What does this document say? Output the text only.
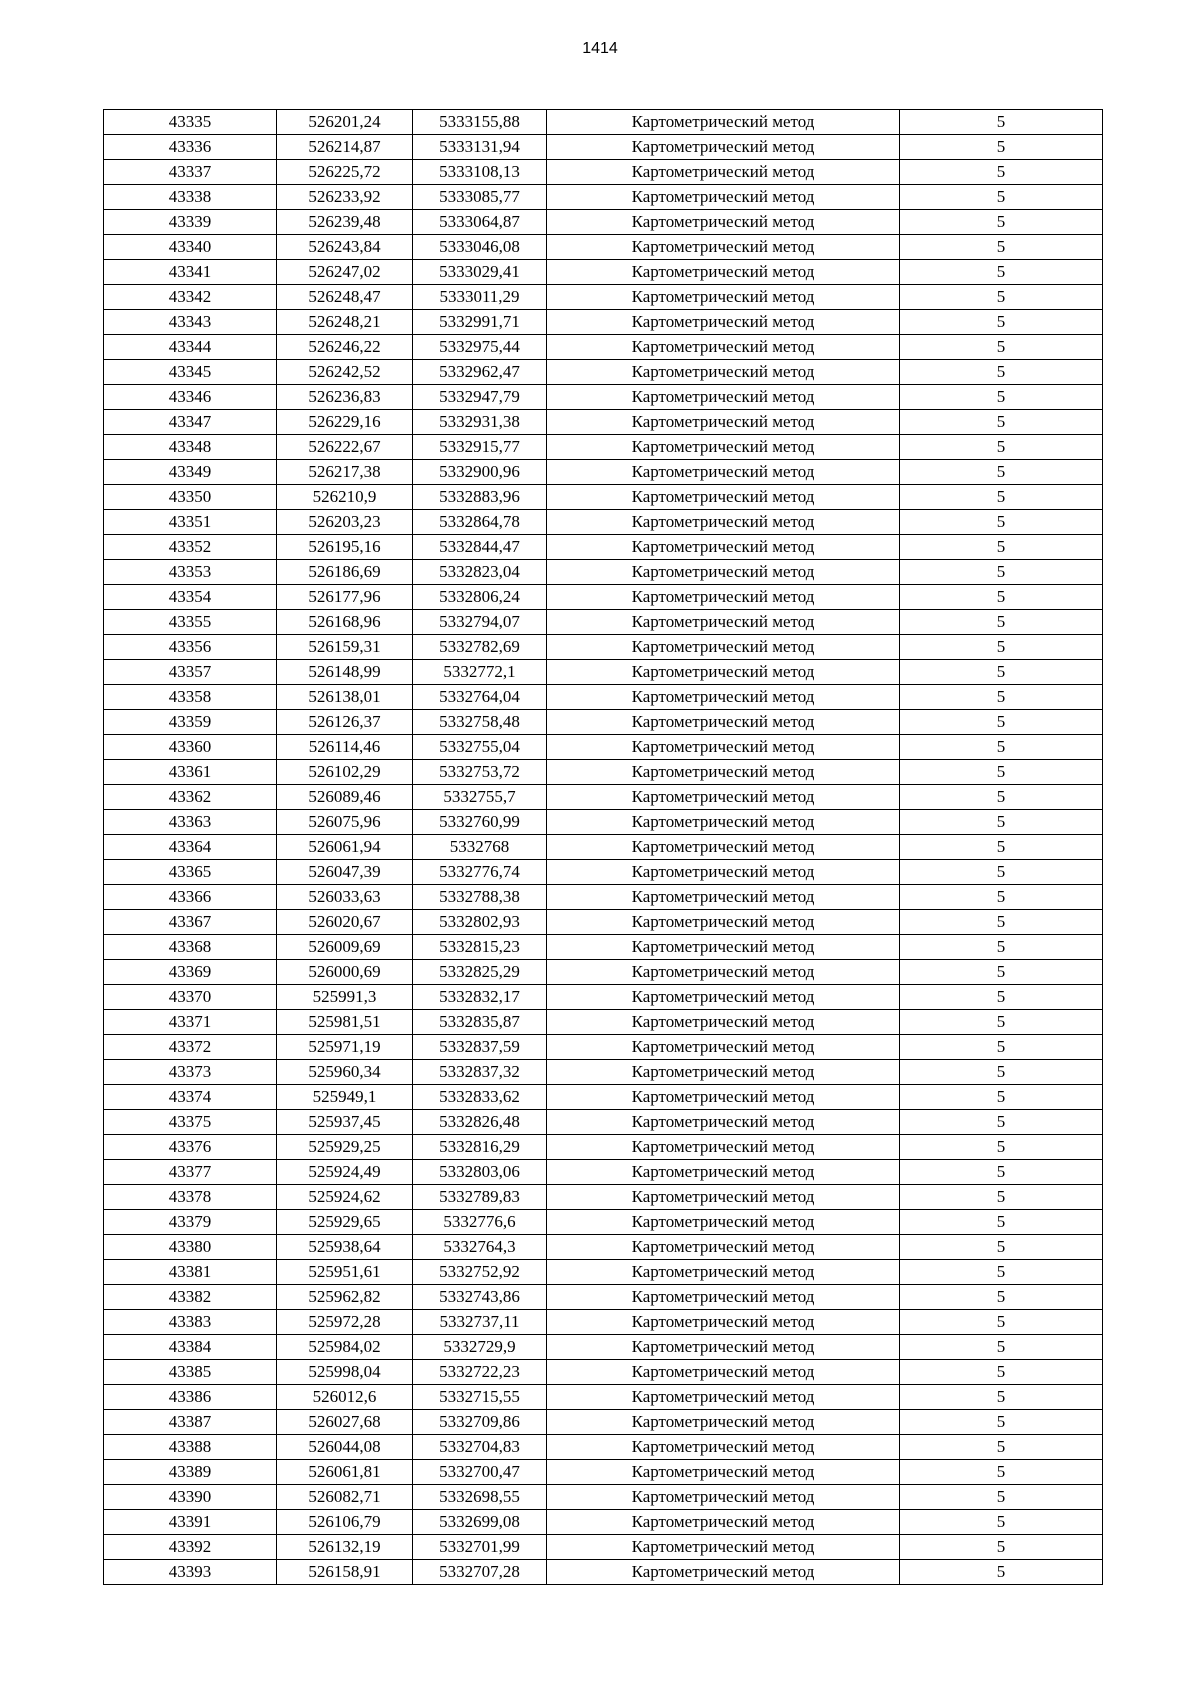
1414
43335	526201,24	5333155,88	Картометрический метод	5
43336	526214,87	5333131,94	Картометрический метод	5
43337	526225,72	5333108,13	Картометрический метод	5
43338	526233,92	5333085,77	Картометрический метод	5
43339	526239,48	5333064,87	Картометрический метод	5
43340	526243,84	5333046,08	Картометрический метод	5
43341	526247,02	5333029,41	Картометрический метод	5
43342	526248,47	5333011,29	Картометрический метод	5
43343	526248,21	5332991,71	Картометрический метод	5
43344	526246,22	5332975,44	Картометрический метод	5
43345	526242,52	5332962,47	Картометрический метод	5
43346	526236,83	5332947,79	Картометрический метод	5
43347	526229,16	5332931,38	Картометрический метод	5
43348	526222,67	5332915,77	Картометрический метод	5
43349	526217,38	5332900,96	Картометрический метод	5
43350	526210,9	5332883,96	Картометрический метод	5
43351	526203,23	5332864,78	Картометрический метод	5
43352	526195,16	5332844,47	Картометрический метод	5
43353	526186,69	5332823,04	Картометрический метод	5
43354	526177,96	5332806,24	Картометрический метод	5
43355	526168,96	5332794,07	Картометрический метод	5
43356	526159,31	5332782,69	Картометрический метод	5
43357	526148,99	5332772,1	Картометрический метод	5
43358	526138,01	5332764,04	Картометрический метод	5
43359	526126,37	5332758,48	Картометрический метод	5
43360	526114,46	5332755,04	Картометрический метод	5
43361	526102,29	5332753,72	Картометрический метод	5
43362	526089,46	5332755,7	Картометрический метод	5
43363	526075,96	5332760,99	Картометрический метод	5
43364	526061,94	5332768	Картометрический метод	5
43365	526047,39	5332776,74	Картометрический метод	5
43366	526033,63	5332788,38	Картометрический метод	5
43367	526020,67	5332802,93	Картометрический метод	5
43368	526009,69	5332815,23	Картометрический метод	5
43369	526000,69	5332825,29	Картометрический метод	5
43370	525991,3	5332832,17	Картометрический метод	5
43371	525981,51	5332835,87	Картометрический метод	5
43372	525971,19	5332837,59	Картометрический метод	5
43373	525960,34	5332837,32	Картометрический метод	5
43374	525949,1	5332833,62	Картометрический метод	5
43375	525937,45	5332826,48	Картометрический метод	5
43376	525929,25	5332816,29	Картометрический метод	5
43377	525924,49	5332803,06	Картометрический метод	5
43378	525924,62	5332789,83	Картометрический метод	5
43379	525929,65	5332776,6	Картометрический метод	5
43380	525938,64	5332764,3	Картометрический метод	5
43381	525951,61	5332752,92	Картометрический метод	5
43382	525962,82	5332743,86	Картометрический метод	5
43383	525972,28	5332737,11	Картометрический метод	5
43384	525984,02	5332729,9	Картометрический метод	5
43385	525998,04	5332722,23	Картометрический метод	5
43386	526012,6	5332715,55	Картометрический метод	5
43387	526027,68	5332709,86	Картометрический метод	5
43388	526044,08	5332704,83	Картометрический метод	5
43389	526061,81	5332700,47	Картометрический метод	5
43390	526082,71	5332698,55	Картометрический метод	5
43391	526106,79	5332699,08	Картометрический метод	5
43392	526132,19	5332701,99	Картометрический метод	5
43393	526158,91	5332707,28	Картометрический метод	5
